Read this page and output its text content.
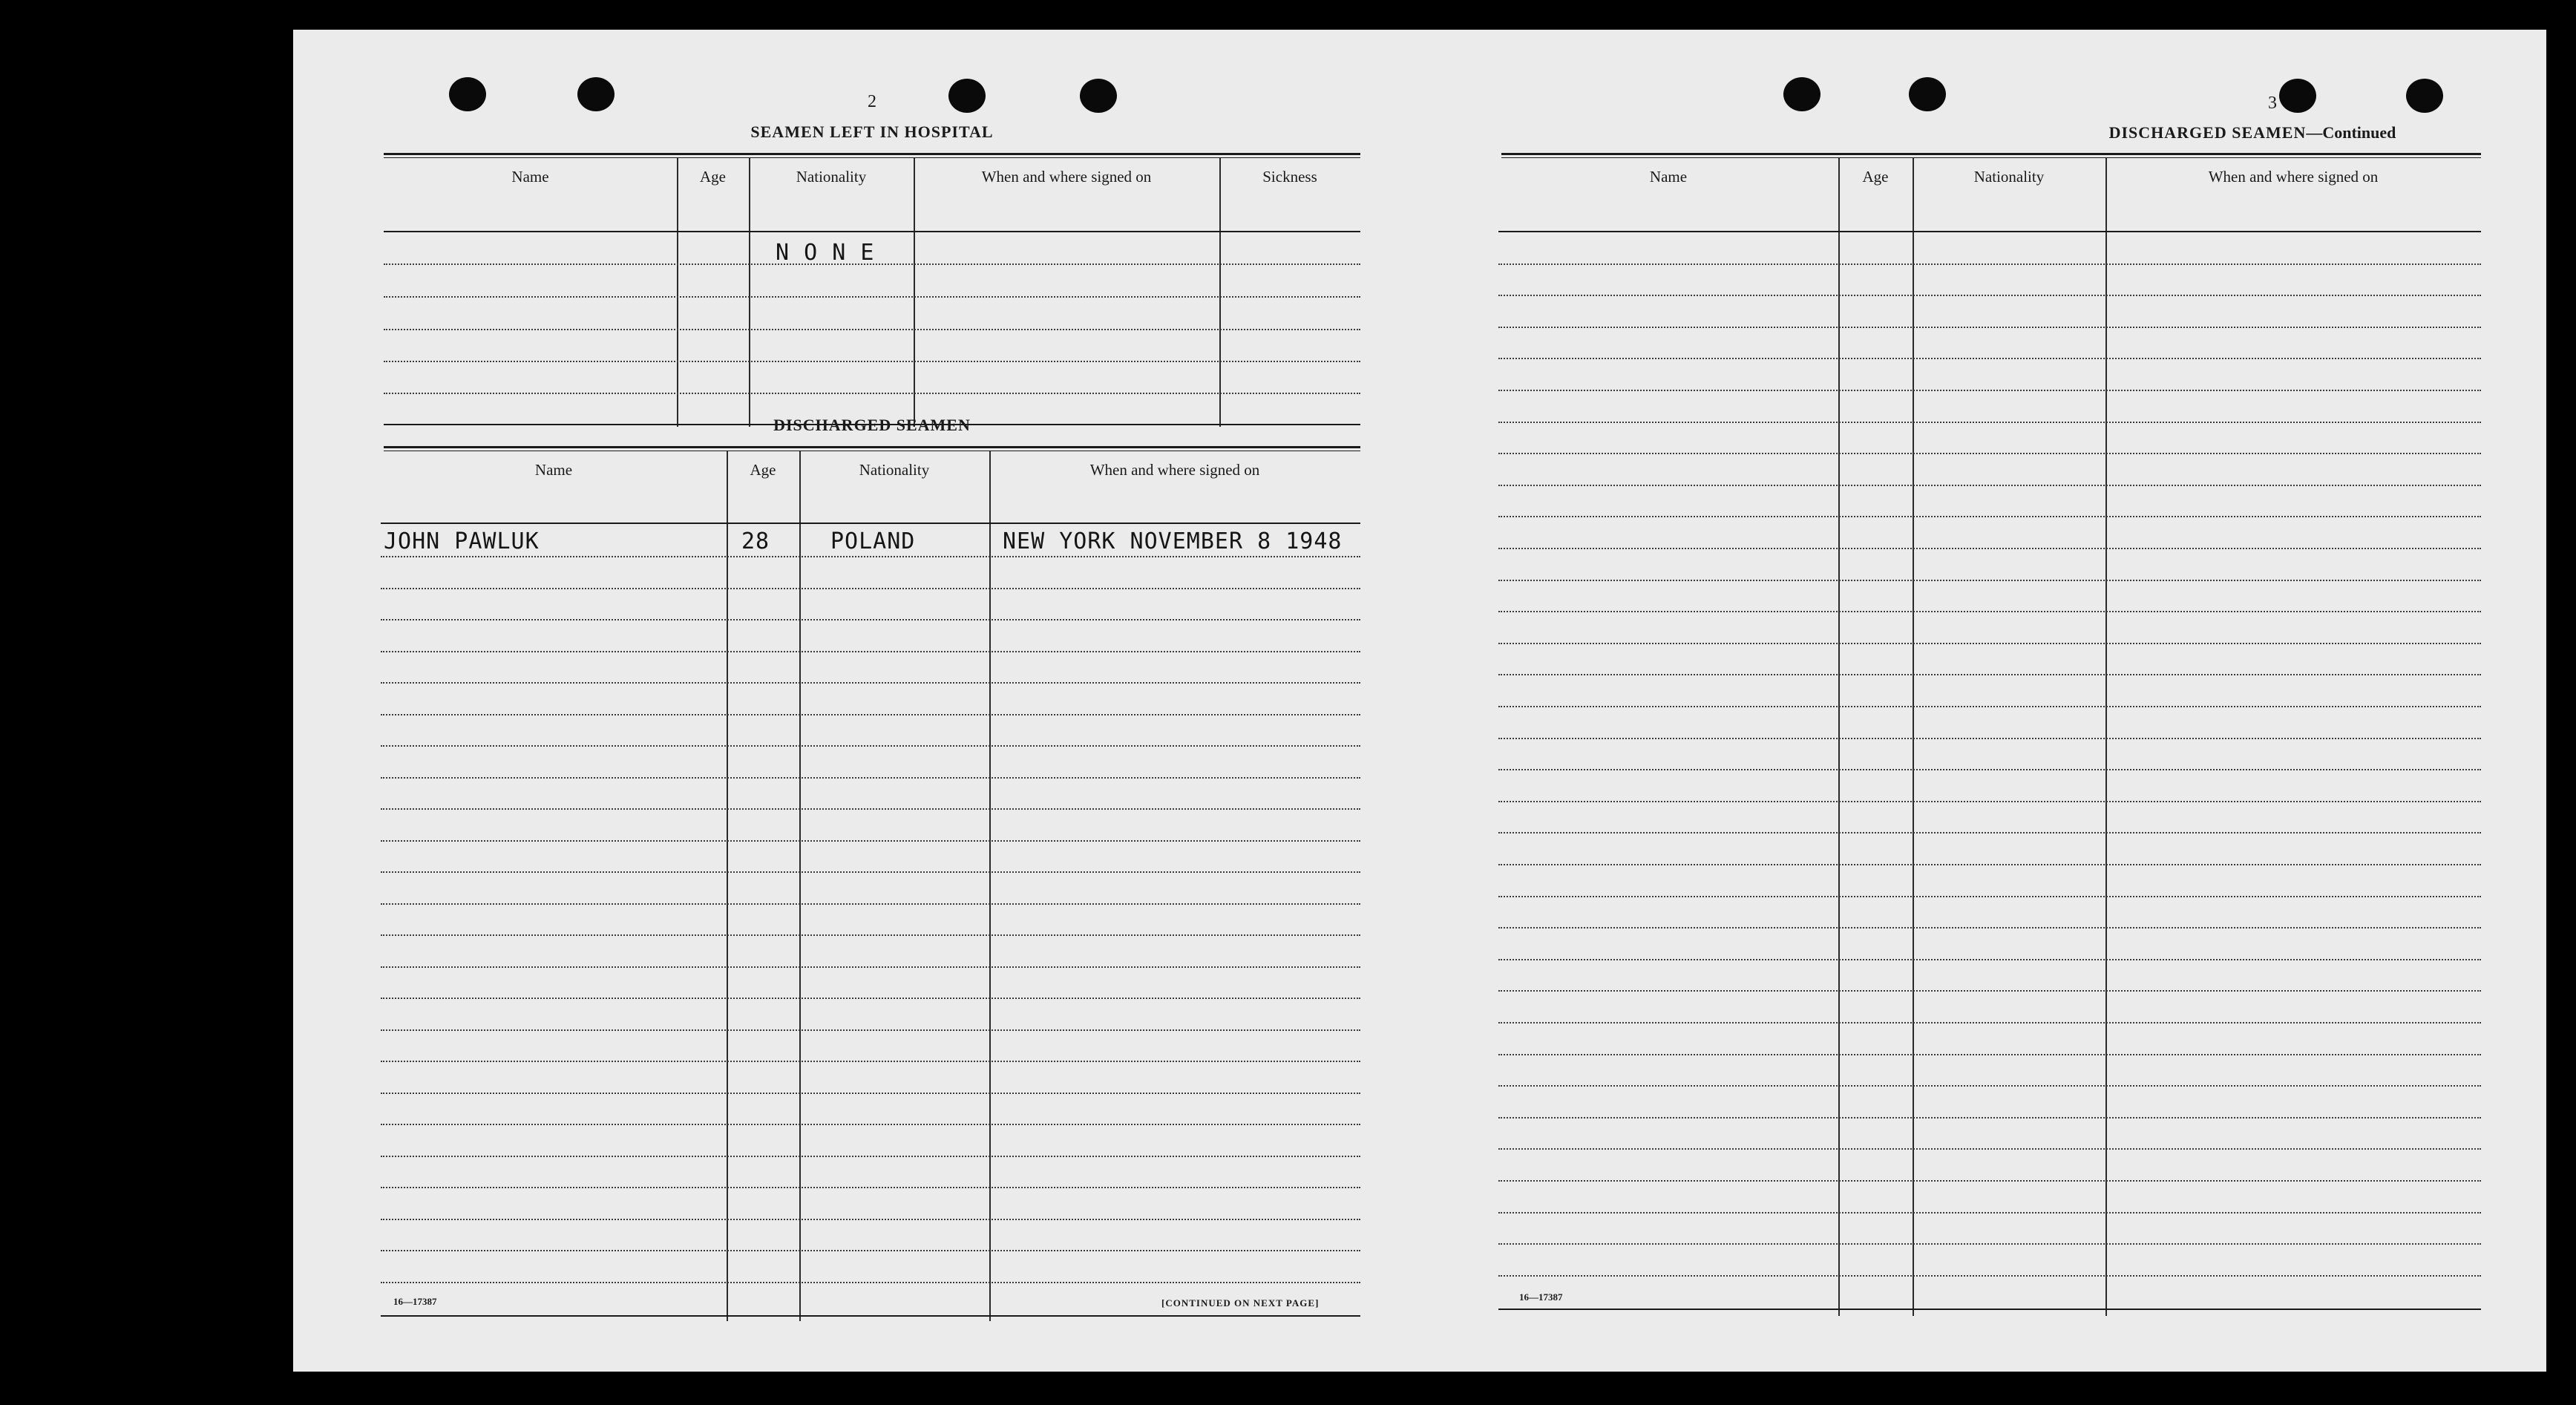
2
SEAMEN LEFT IN HOSPITAL
Name	Age	Nationality	When and where signed on	Sickness
N O N E
DISCHARGED SEAMEN
Name	Age	Nationality	When and where signed on
JOHN PAWLUK	28	POLAND	NEW YORK NOVEMBER 8 1948
16—17387	[CONTINUED ON NEXT PAGE]
3
DISCHARGED SEAMEN—Continued
Name	Age	Nationality	When and where signed on
16—17387
